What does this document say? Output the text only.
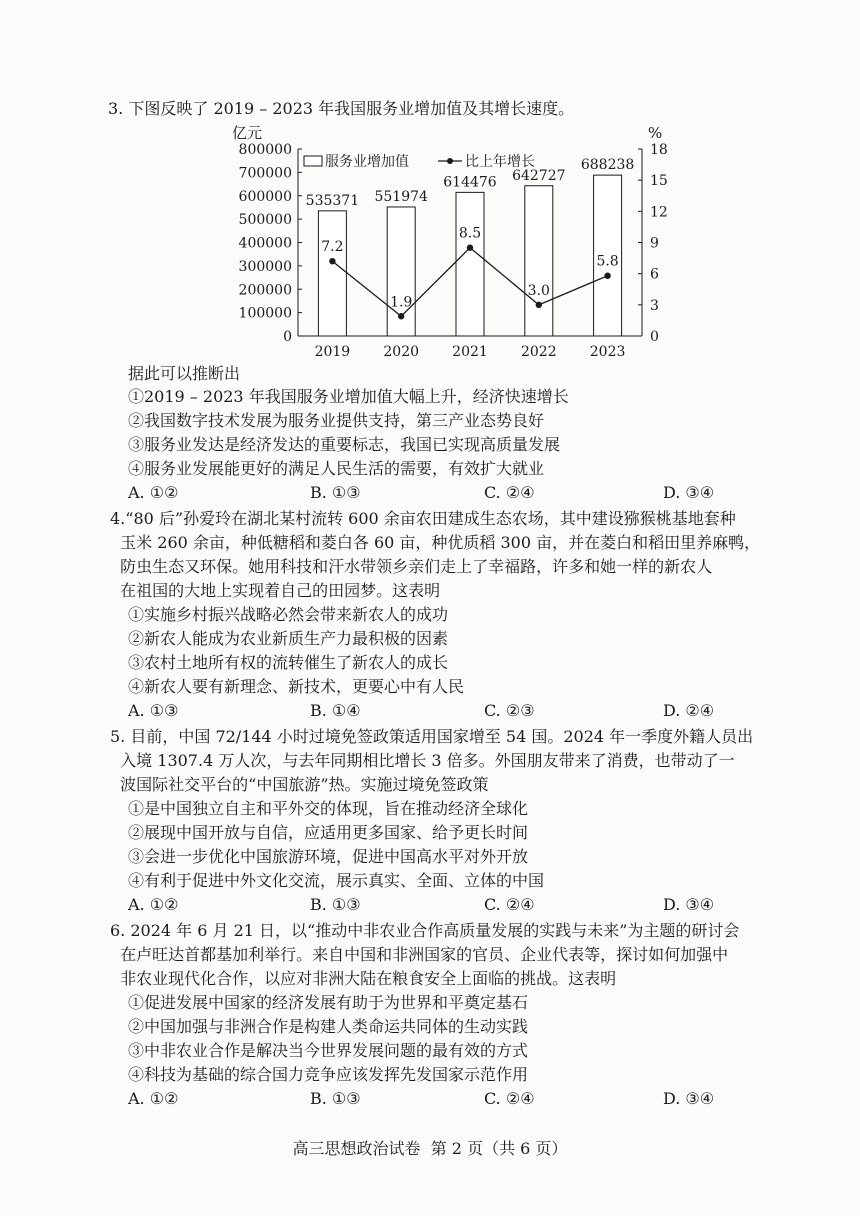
3. 下图反映了 2019 – 2023 年我国服务业增加值及其增长速度。
亿元	%
0
100000
200000
300000
400000
500000
600000
700000
800000
0
3
6
9
12
15
18
535371 551974
614476 642727
688238
2019 2020 2021 2022 2023
7.2
1.9
8.5
3.0
5.8
服务业增加值	比上年增长
据此可以推断出
①2019 – 2023 年我国服务业增加值大幅上升，经济快速增长
②我国数字技术发展为服务业提供支持，第三产业态势良好
③服务业发达是经济发达的重要标志，我国已实现高质量发展
④服务业发展能更好的满足人民生活的需要，有效扩大就业
A. ①②	B. ①③	C. ②④	D. ③④
4.“80 后”孙爱玲在湖北某村流转 600 余亩农田建成生态农场，其中建设猕猴桃基地套种
玉米 260 余亩，种低糖稻和菱白各 60 亩，种优质稻 300 亩，并在菱白和稻田里养麻鸭，
防虫生态又环保。她用科技和汗水带领乡亲们走上了幸福路，许多和她一样的新农人
在祖国的大地上实现着自己的田园梦。这表明
①实施乡村振兴战略必然会带来新农人的成功
②新农人能成为农业新质生产力最积极的因素
③农村土地所有权的流转催生了新农人的成长
④新农人要有新理念、新技术，更要心中有人民
A. ①③	B. ①④	C. ②③	D. ②④
5. 目前，中国 72/144 小时过境免签政策适用国家增至 54 国。2024 年一季度外籍人员出
入境 1307.4 万人次，与去年同期相比增长 3 倍多。外国朋友带来了消费，也带动了一
波国际社交平台的“中国旅游”热。实施过境免签政策
①是中国独立自主和平外交的体现，旨在推动经济全球化
②展现中国开放与自信，应适用更多国家、给予更长时间
③会进一步优化中国旅游环境，促进中国高水平对外开放
④有利于促进中外文化交流，展示真实、全面、立体的中国
A. ①②	B. ①③	C. ②④	D. ③④
6. 2024 年 6 月 21 日，以“推动中非农业合作高质量发展的实践与未来”为主题的研讨会
在卢旺达首都基加利举行。来自中国和非洲国家的官员、企业代表等，探讨如何加强中
非农业现代化合作，以应对非洲大陆在粮食安全上面临的挑战。这表明
①促进发展中国家的经济发展有助于为世界和平奠定基石
②中国加强与非洲合作是构建人类命运共同体的生动实践
③中非农业合作是解决当今世界发展问题的最有效的方式
④科技为基础的综合国力竞争应该发挥先发国家示范作用
A. ①②	B. ①③	C. ②④	D. ③④
高三思想政治试卷  第 2 页（共 6 页）
